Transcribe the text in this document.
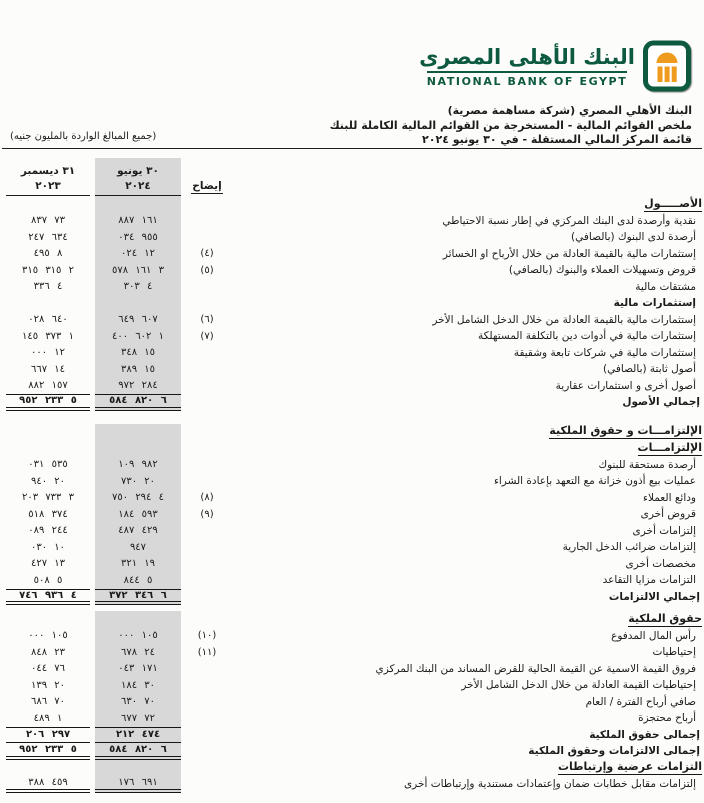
البنك الأهلى المصرى
NATIONAL BANK OF EGYPT
البنك الأهلي المصري (شركة مساهمة مصرية)
ملخص القوائم المالية - المستخرجة من القوائم المالية الكاملة للبنك
قائمة المركز المالي المستقلة - في ٣٠ يونيو ٢٠٢٤
(جميع المبالغ الواردة بالمليون جنيه)
إيضاح
٣٠ يونيو
٢٠٢٤
٣١ ديسمبر
٢٠٢٣
الأصـــــول
نقدية وأرصدة لدى البنك المركزي في إطار نسبة الاحتياطي
١٦١ ٨٨٧
٧٣ ٨٣٧
أرصدة لدى البنوك (بالصافي)
٩٥٥ ٠٣٤
٦٣٤ ٢٤٧
إستثمارات مالية بالقيمة العادلة من خلال الأرباح او الخسائر
(٤)
١٢ ٠٢٤
٨ ٤٩٥
قروض وتسهيلات العملاء والبنوك (بالصافي)
(٥)
٣ ١٦١ ٥٧٨
٢ ٣١٥ ٣١٥
مشتقات مالية
٤ ٣٠٣
٤ ٣٣٦
إستثمارات مالية
إستثمارات مالية بالقيمة العادلة من خلال الدخل الشامل الأخر
(٦)
٦٠٧ ٦٤٩
٦٤٠ ٠٢٨
إستثمارات مالية في أدوات دين بالتكلفة المستهلكة
(٧)
١ ٦٠٢ ٤٠٠
١ ٣٧٣ ١٤٥
إستثمارات مالية في شركات تابعة وشقيقة
١٥ ٣٤٨
١٢ ٠٠٠
أصول ثابتة (بالصافي)
١٥ ٣٨٩
١٤ ٦٦٧
أصول أخرى و استثمارات عقارية
٢٨٤ ٩٧٢
١٥٧ ٨٨٢
إجمالي الأصول
٦ ٨٢٠ ٥٨٤
٥ ٢٣٣ ٩٥٢
الإلتزامـــات و حقوق الملكية
الإلتزامـــات
أرصدة مستحقة للبنوك
٩٨٢ ١٠٩
٥٣٥ ٠٣١
عمليات بيع أذون خزانة مع التعهد بإعادة الشراء
٢٠ ٧٣٠
٢٠ ٩٤٠
ودائع العملاء
(٨)
٤ ٢٩٤ ٧٥٠
٣ ٧٣٣ ٢٠٣
قروض أخرى
(٩)
٥٩٣ ١٨٤
٣٧٤ ٥١٨
إلتزامات أخرى
٤٢٩ ٤٨٧
٢٤٤ ٠٨٩
إلتزامات ضرائب الدخل الجارية
٩٤٧
١٠ ٠٣٠
مخصصات أخرى
١٩ ٣٢١
١٣ ٤٢٧
التزامات مزايا التقاعد
٥ ٨٤٤
٥ ٥٠٨
إجمالي الالتزامات
٦ ٣٤٦ ٣٧٢
٤ ٩٣٦ ٧٤٦
حقوق الملكية
رأس المال المدفوع
(١٠)
١٠٥ ٠٠٠
١٠٥ ٠٠٠
إحتياطيات
(١١)
٢٤ ٦٧٨
٢٣ ٨٤٨
فروق القيمة الاسمية عن القيمة الحالية للقرض المساند من البنك المركزي
١٧١ ٠٤٣
٧٦ ٠٤٤
إحتياطيات القيمة العادلة من خلال الدخل الشامل الأخر
٣٠ ١٨٤
٢٠ ١٣٩
صافي أرباح الفترة / العام
٧٠ ٦٣٠
٧٠ ٦٨٦
أرباح محتجزة
٧٢ ٦٧٧
١ ٤٨٩
إجمالى حقوق الملكية
٤٧٤ ٢١٢
٢٩٧ ٢٠٦
إجمالى الالتزامات وحقوق الملكية
٦ ٨٢٠ ٥٨٤
٥ ٢٣٣ ٩٥٢
التزامات عرضية وإرتباطات
إلتزامات مقابل خطابات ضمان وإعتمادات مستندية وإرتباطات أخرى
٦٩١ ١٧٦
٤٥٩ ٣٨٨
